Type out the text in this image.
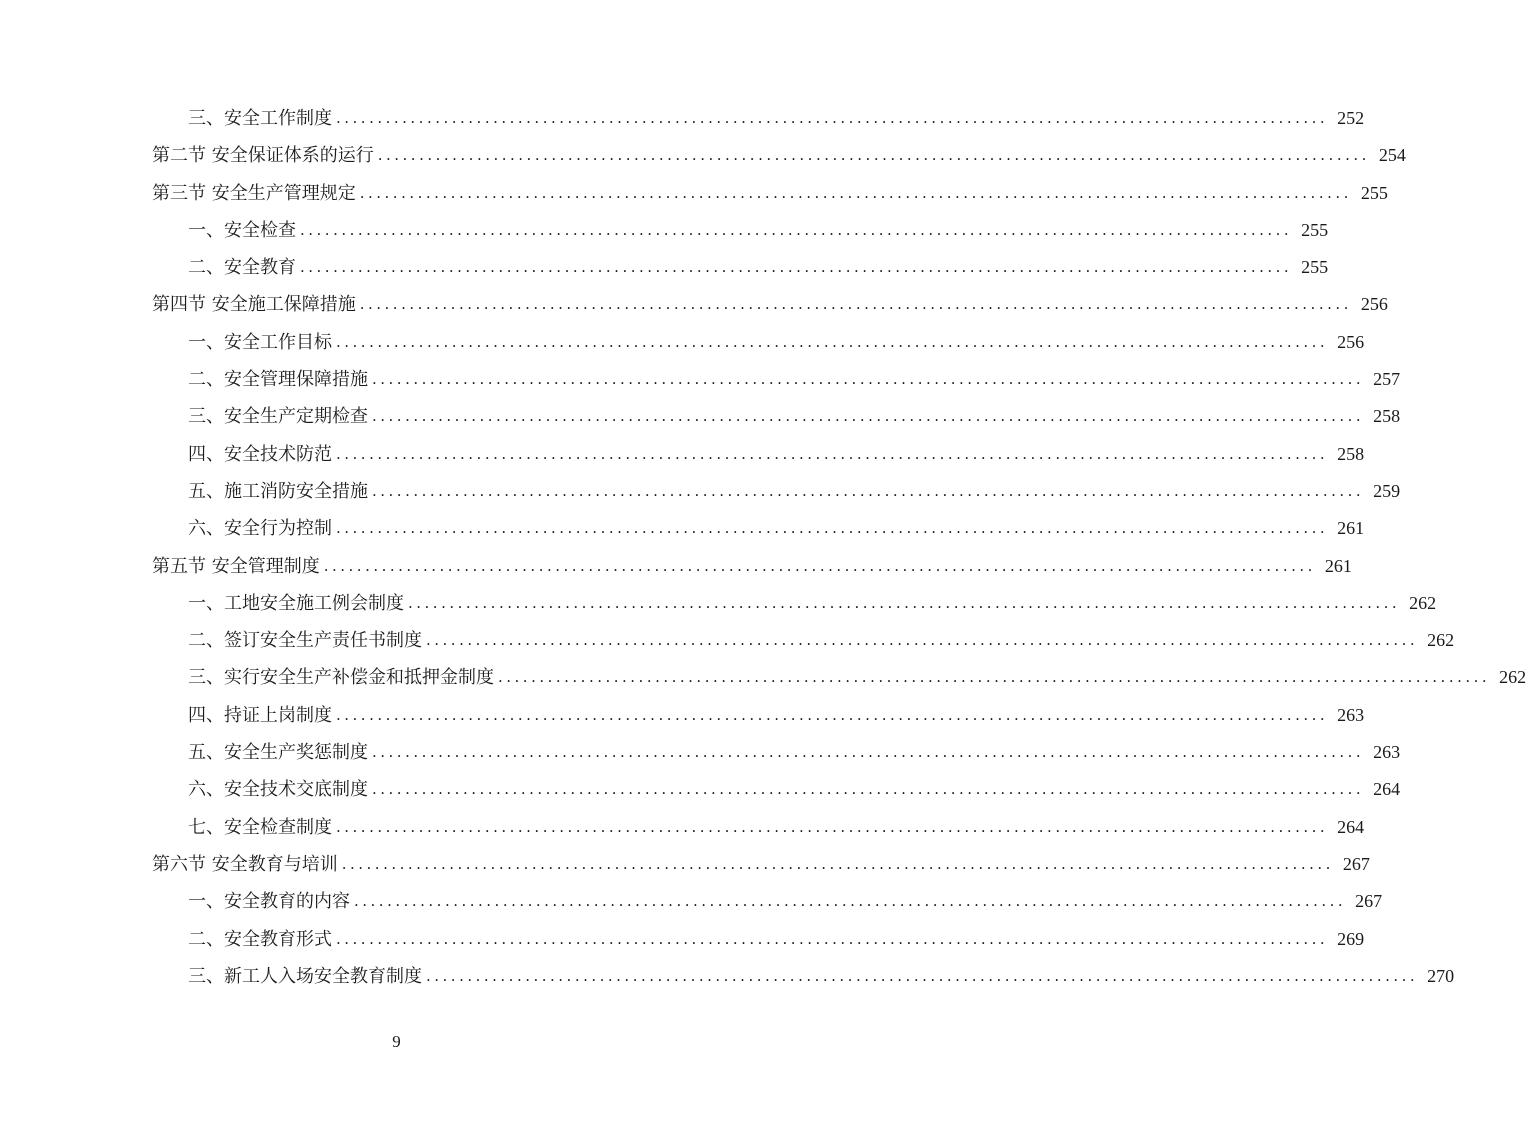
三、安全工作制度 ........................................................................................................................ 252
第二节 安全保证体系的运行 ........................................................................................................................ 254
第三节 安全生产管理规定 ........................................................................................................................ 255
一、安全检查 ........................................................................................................................ 255
二、安全教育 ........................................................................................................................ 255
第四节 安全施工保障措施 ........................................................................................................................ 256
一、安全工作目标 ........................................................................................................................ 256
二、安全管理保障措施 ........................................................................................................................ 257
三、安全生产定期检查 ........................................................................................................................ 258
四、安全技术防范 ........................................................................................................................ 258
五、施工消防安全措施 ........................................................................................................................ 259
六、安全行为控制 ........................................................................................................................ 261
第五节 安全管理制度 ........................................................................................................................ 261
一、工地安全施工例会制度 ........................................................................................................................ 262
二、签订安全生产责任书制度 ........................................................................................................................ 262
三、实行安全生产补偿金和抵押金制度 ........................................................................................................................ 262
四、持证上岗制度 ........................................................................................................................ 263
五、安全生产奖惩制度 ........................................................................................................................ 263
六、安全技术交底制度 ........................................................................................................................ 264
七、安全检查制度 ........................................................................................................................ 264
第六节 安全教育与培训 ........................................................................................................................ 267
一、安全教育的内容 ........................................................................................................................ 267
二、安全教育形式 ........................................................................................................................ 269
三、新工人入场安全教育制度 ........................................................................................................................ 270
9
